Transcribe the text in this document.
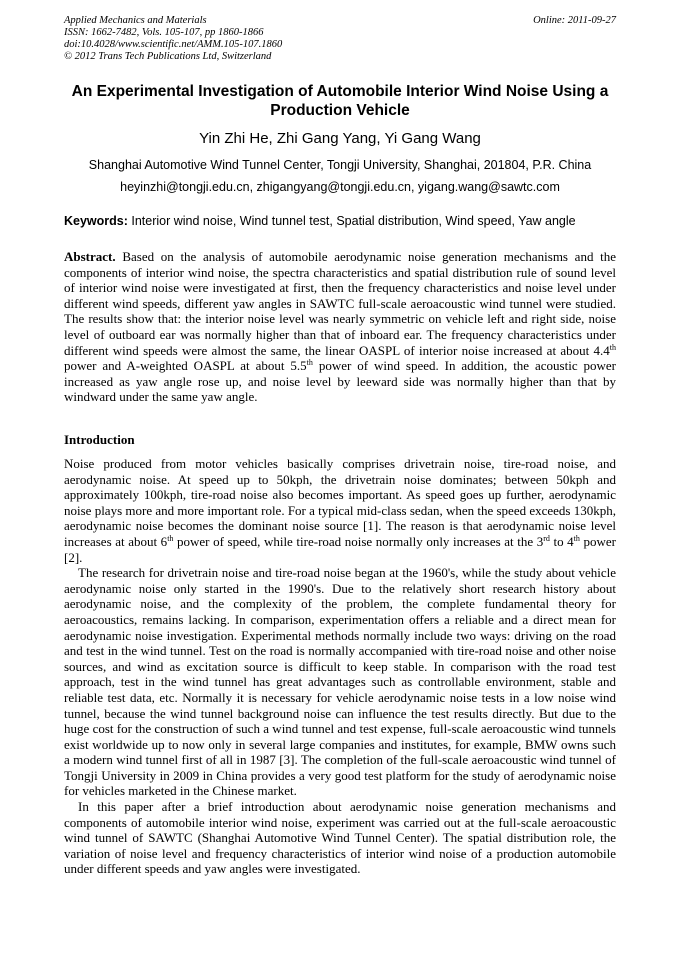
Applied Mechanics and Materials
ISSN: 1662-7482, Vols. 105-107, pp 1860-1866
doi:10.4028/www.scientific.net/AMM.105-107.1860
© 2012 Trans Tech Publications Ltd, Switzerland
Online: 2011-09-27
An Experimental Investigation of Automobile Interior Wind Noise Using a
Production Vehicle
Yin Zhi He, Zhi Gang Yang, Yi Gang Wang
Shanghai Automotive Wind Tunnel Center, Tongji University, Shanghai, 201804, P.R. China
heyinzhi@tongji.edu.cn, zhigangyang@tongji.edu.cn, yigang.wang@sawtc.com
Keywords: Interior wind noise, Wind tunnel test, Spatial distribution, Wind speed, Yaw angle
Abstract. Based on the analysis of automobile aerodynamic noise generation mechanisms and the components of interior wind noise, the spectra characteristics and spatial distribution rule of sound level of interior wind noise were investigated at first, then the frequency characteristics and noise level under different wind speeds, different yaw angles in SAWTC full-scale aeroacoustic wind tunnel were studied. The results show that: the interior noise level was nearly symmetric on vehicle left and right side, noise level of outboard ear was normally higher than that of inboard ear. The frequency characteristics under different wind speeds were almost the same, the linear OASPL of interior noise increased at about 4.4th power and A-weighted OASPL at about 5.5th power of wind speed. In addition, the acoustic power increased as yaw angle rose up, and noise level by leeward side was normally higher than that by windward under the same yaw angle.
Introduction

Noise produced from motor vehicles basically comprises drivetrain noise, tire-road noise, and aerodynamic noise. At speed up to 50kph, the drivetrain noise dominates; between 50kph and approximately 100kph, tire-road noise also becomes important. As speed goes up further, aerodynamic noise plays more and more important role. For a typical mid-class sedan, when the speed exceeds 130kph, aerodynamic noise becomes the dominant noise source [1]. The reason is that aerodynamic noise level increases at about 6th power of speed, while tire-road noise normally only increases at the 3rd to 4th power [2].

The research for drivetrain noise and tire-road noise began at the 1960's, while the study about vehicle aerodynamic noise only started in the 1990's. Due to the relatively short research history about aerodynamic noise, and the complexity of the problem, the complete fundamental theory for aeroacoustics, remains lacking. In comparison, experimentation offers a reliable and a direct mean for aerodynamic noise investigation. Experimental methods normally include two ways: driving on the road and test in the wind tunnel. Test on the road is normally accompanied with tire-road noise and other noise sources, and wind as excitation source is difficult to keep stable. In comparison with the road test approach, test in the wind tunnel has great advantages such as controllable environment, stable and reliable test data, etc. Normally it is necessary for vehicle aerodynamic noise tests in a low noise wind tunnel, because the wind tunnel background noise can influence the test results directly. But due to the huge cost for the construction of such a wind tunnel and test expense, full-scale aeroacoustic wind tunnels exist worldwide up to now only in several large companies and institutes, for example, BMW owns such a modern wind tunnel first of all in 1987 [3]. The completion of the full-scale aeroacoustic wind tunnel of Tongji University in 2009 in China provides a very good test platform for the study of aerodynamic noise for vehicles marketed in the Chinese market.

In this paper after a brief introduction about aerodynamic noise generation mechanisms and components of automobile interior wind noise, experiment was carried out at the full-scale aeroacoustic wind tunnel of SAWTC (Shanghai Automotive Wind Tunnel Center). The spatial distribution role, the variation of noise level and frequency characteristics of interior wind noise of a production automobile under different speeds and yaw angles were investigated.
